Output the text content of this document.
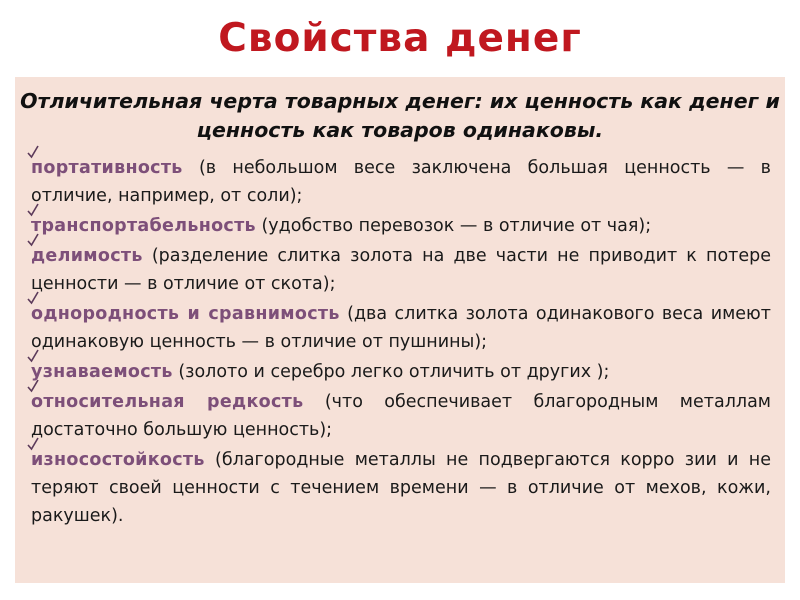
Свойства денег
Отличительная черта товарных денег: их ценность как денег и ценность как товаров одинаковы.
портативность (в небольшом весе заключена большая ценность — в отличие, например, от соли);
транспортабельность (удобство перевозок — в отличие от чая);
делимость (разделение слитка золота на две части не приводит к потере ценности — в отличие от скота);
однородность и сравнимость (два слитка золота одинакового веса имеют одинаковую ценность — в отличие от пушнины);
узнаваемость (золото и серебро легко отличить от других );
относительная редкость (что обеспечивает благородным металлам достаточно большую ценность);
износостойкость (благородные металлы не подвергаются корро зии и не теряют своей ценности с течением времени — в отличие от мехов, кожи, ракушек).
